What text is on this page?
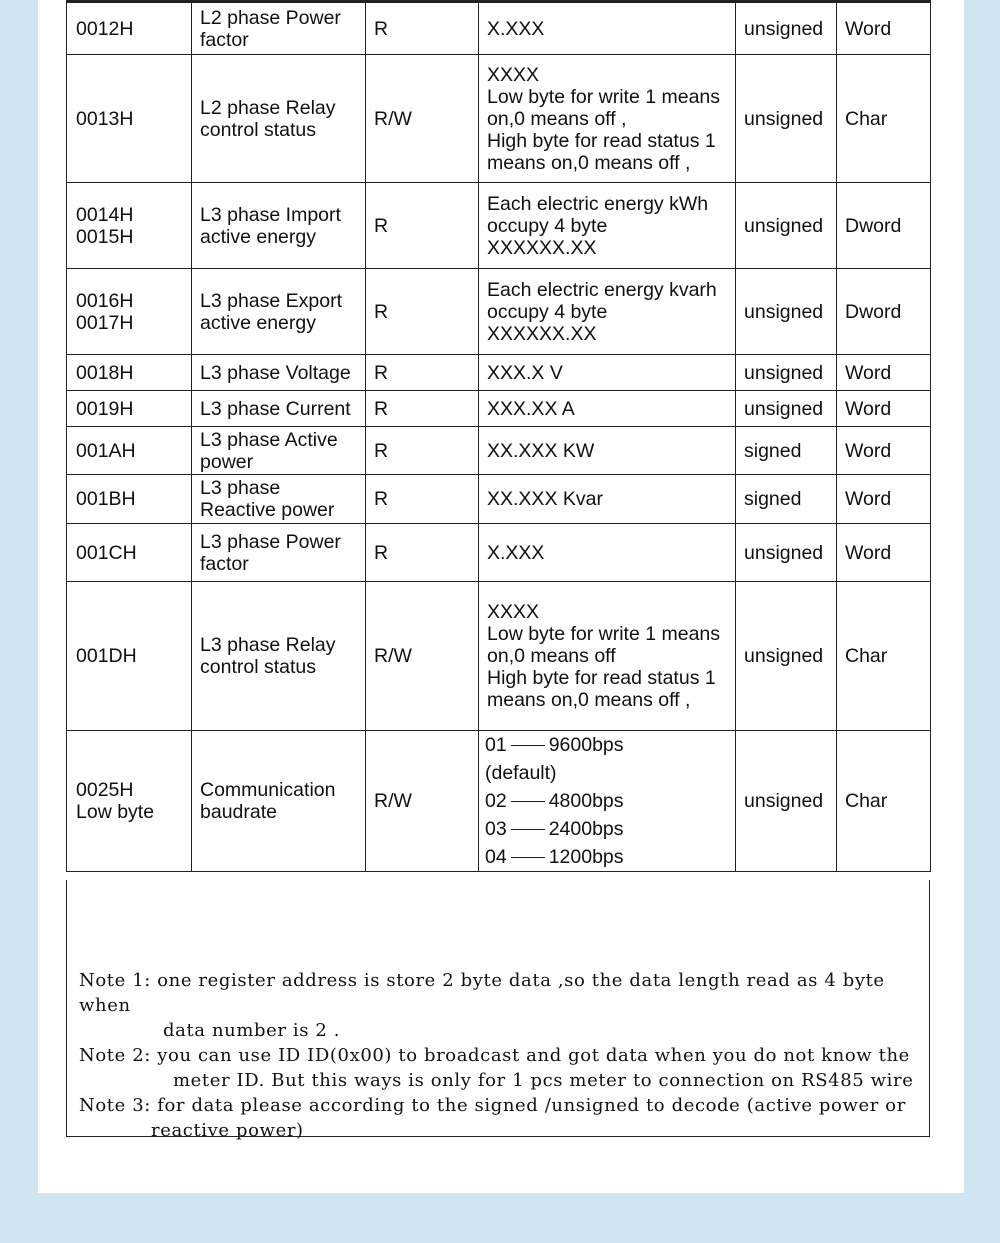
0012H	L2 phase Power
factor	R	X.XXX	unsigned	Word

0013H	L2 phase Relay
control status	R/W	XXXX
Low byte for write 1 means
on,0 means off ,
High byte for read status 1
means on,0 means off ,	unsigned	Char

0014H
0015H	L3 phase Import
active energy	R	Each electric energy kWh
occupy 4 byte
XXXXXX.XX	unsigned	Dword

0016H
0017H	L3 phase Export
active energy	R	Each electric energy kvarh
occupy 4 byte
XXXXXX.XX	unsigned	Dword

0018H	L3 phase Voltage	R	XXX.X V	unsigned	Word

0019H	L3 phase Current	R	XXX.XX A	unsigned	Word

001AH	L3 phase Active
power	R	XX.XXX KW	signed	Word

001BH	L3 phase
Reactive power	R	XX.XXX Kvar	signed	Word

001CH	L3 phase Power
factor	R	X.XXX	unsigned	Word

001DH	L3 phase Relay
control status	R/W	XXXX
Low byte for write 1 means
on,0 means off
High byte for read status 1
means on,0 means off ,	unsigned	Char

0025H
Low byte	Communication
baudrate	R/W	01 9600bps
(default)
02 4800bps
03 2400bps
04 1200bps	unsigned	Char
Note 1: one register address is store 2 byte data ,so the data length read as 4 byte when
data number is 2 .
Note 2: you can use ID ID(0x00) to broadcast and got data when you do not know the
meter ID. But this ways is only for 1 pcs meter to connection on RS485 wire
Note 3: for data please according to the signed /unsigned to decode (active power or
reactive power)
